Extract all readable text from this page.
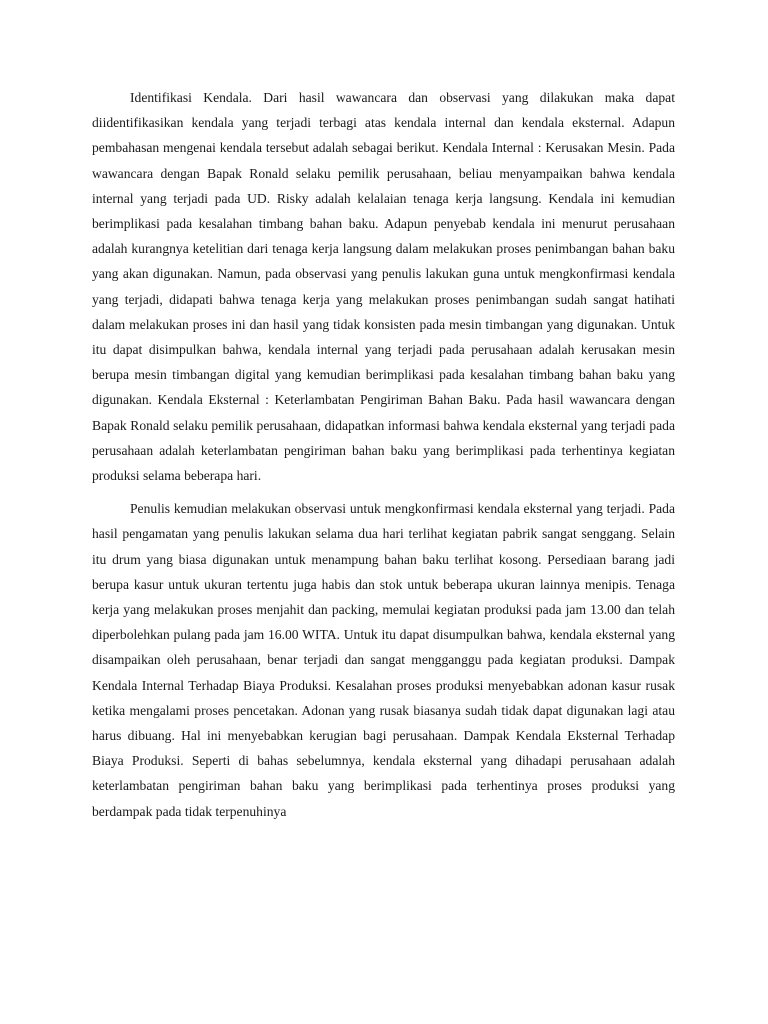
Identifikasi Kendala. Dari hasil wawancara dan observasi yang dilakukan maka dapat diidentifikasikan kendala yang terjadi terbagi atas kendala internal dan kendala eksternal. Adapun pembahasan mengenai kendala tersebut adalah sebagai berikut. Kendala Internal : Kerusakan Mesin. Pada wawancara dengan Bapak Ronald selaku pemilik perusahaan, beliau menyampaikan bahwa kendala internal yang terjadi pada UD. Risky adalah kelalaian tenaga kerja langsung. Kendala ini kemudian berimplikasi pada kesalahan timbang bahan baku. Adapun penyebab kendala ini menurut perusahaan adalah kurangnya ketelitian dari tenaga kerja langsung dalam melakukan proses penimbangan bahan baku yang akan digunakan. Namun, pada observasi yang penulis lakukan guna untuk mengkonfirmasi kendala yang terjadi, didapati bahwa tenaga kerja yang melakukan proses penimbangan sudah sangat hatihati dalam melakukan proses ini dan hasil yang tidak konsisten pada mesin timbangan yang digunakan. Untuk itu dapat disimpulkan bahwa, kendala internal yang terjadi pada perusahaan adalah kerusakan mesin berupa mesin timbangan digital yang kemudian berimplikasi pada kesalahan timbang bahan baku yang digunakan. Kendala Eksternal : Keterlambatan Pengiriman Bahan Baku. Pada hasil wawancara dengan Bapak Ronald selaku pemilik perusahaan, didapatkan informasi bahwa kendala eksternal yang terjadi pada perusahaan adalah keterlambatan pengiriman bahan baku yang berimplikasi pada terhentinya kegiatan produksi selama beberapa hari.

Penulis kemudian melakukan observasi untuk mengkonfirmasi kendala eksternal yang terjadi. Pada hasil pengamatan yang penulis lakukan selama dua hari terlihat kegiatan pabrik sangat senggang. Selain itu drum yang biasa digunakan untuk menampung bahan baku terlihat kosong. Persediaan barang jadi berupa kasur untuk ukuran tertentu juga habis dan stok untuk beberapa ukuran lainnya menipis. Tenaga kerja yang melakukan proses menjahit dan packing, memulai kegiatan produksi pada jam 13.00 dan telah diperbolehkan pulang pada jam 16.00 WITA. Untuk itu dapat disumpulkan bahwa, kendala eksternal yang disampaikan oleh perusahaan, benar terjadi dan sangat mengganggu pada kegiatan produksi. Dampak Kendala Internal Terhadap Biaya Produksi. Kesalahan proses produksi menyebabkan adonan kasur rusak ketika mengalami proses pencetakan. Adonan yang rusak biasanya sudah tidak dapat digunakan lagi atau harus dibuang. Hal ini menyebabkan kerugian bagi perusahaan. Dampak Kendala Eksternal Terhadap Biaya Produksi. Seperti di bahas sebelumnya, kendala eksternal yang dihadapi perusahaan adalah keterlambatan pengiriman bahan baku yang berimplikasi pada terhentinya proses produksi yang berdampak pada tidak terpenuhinya
